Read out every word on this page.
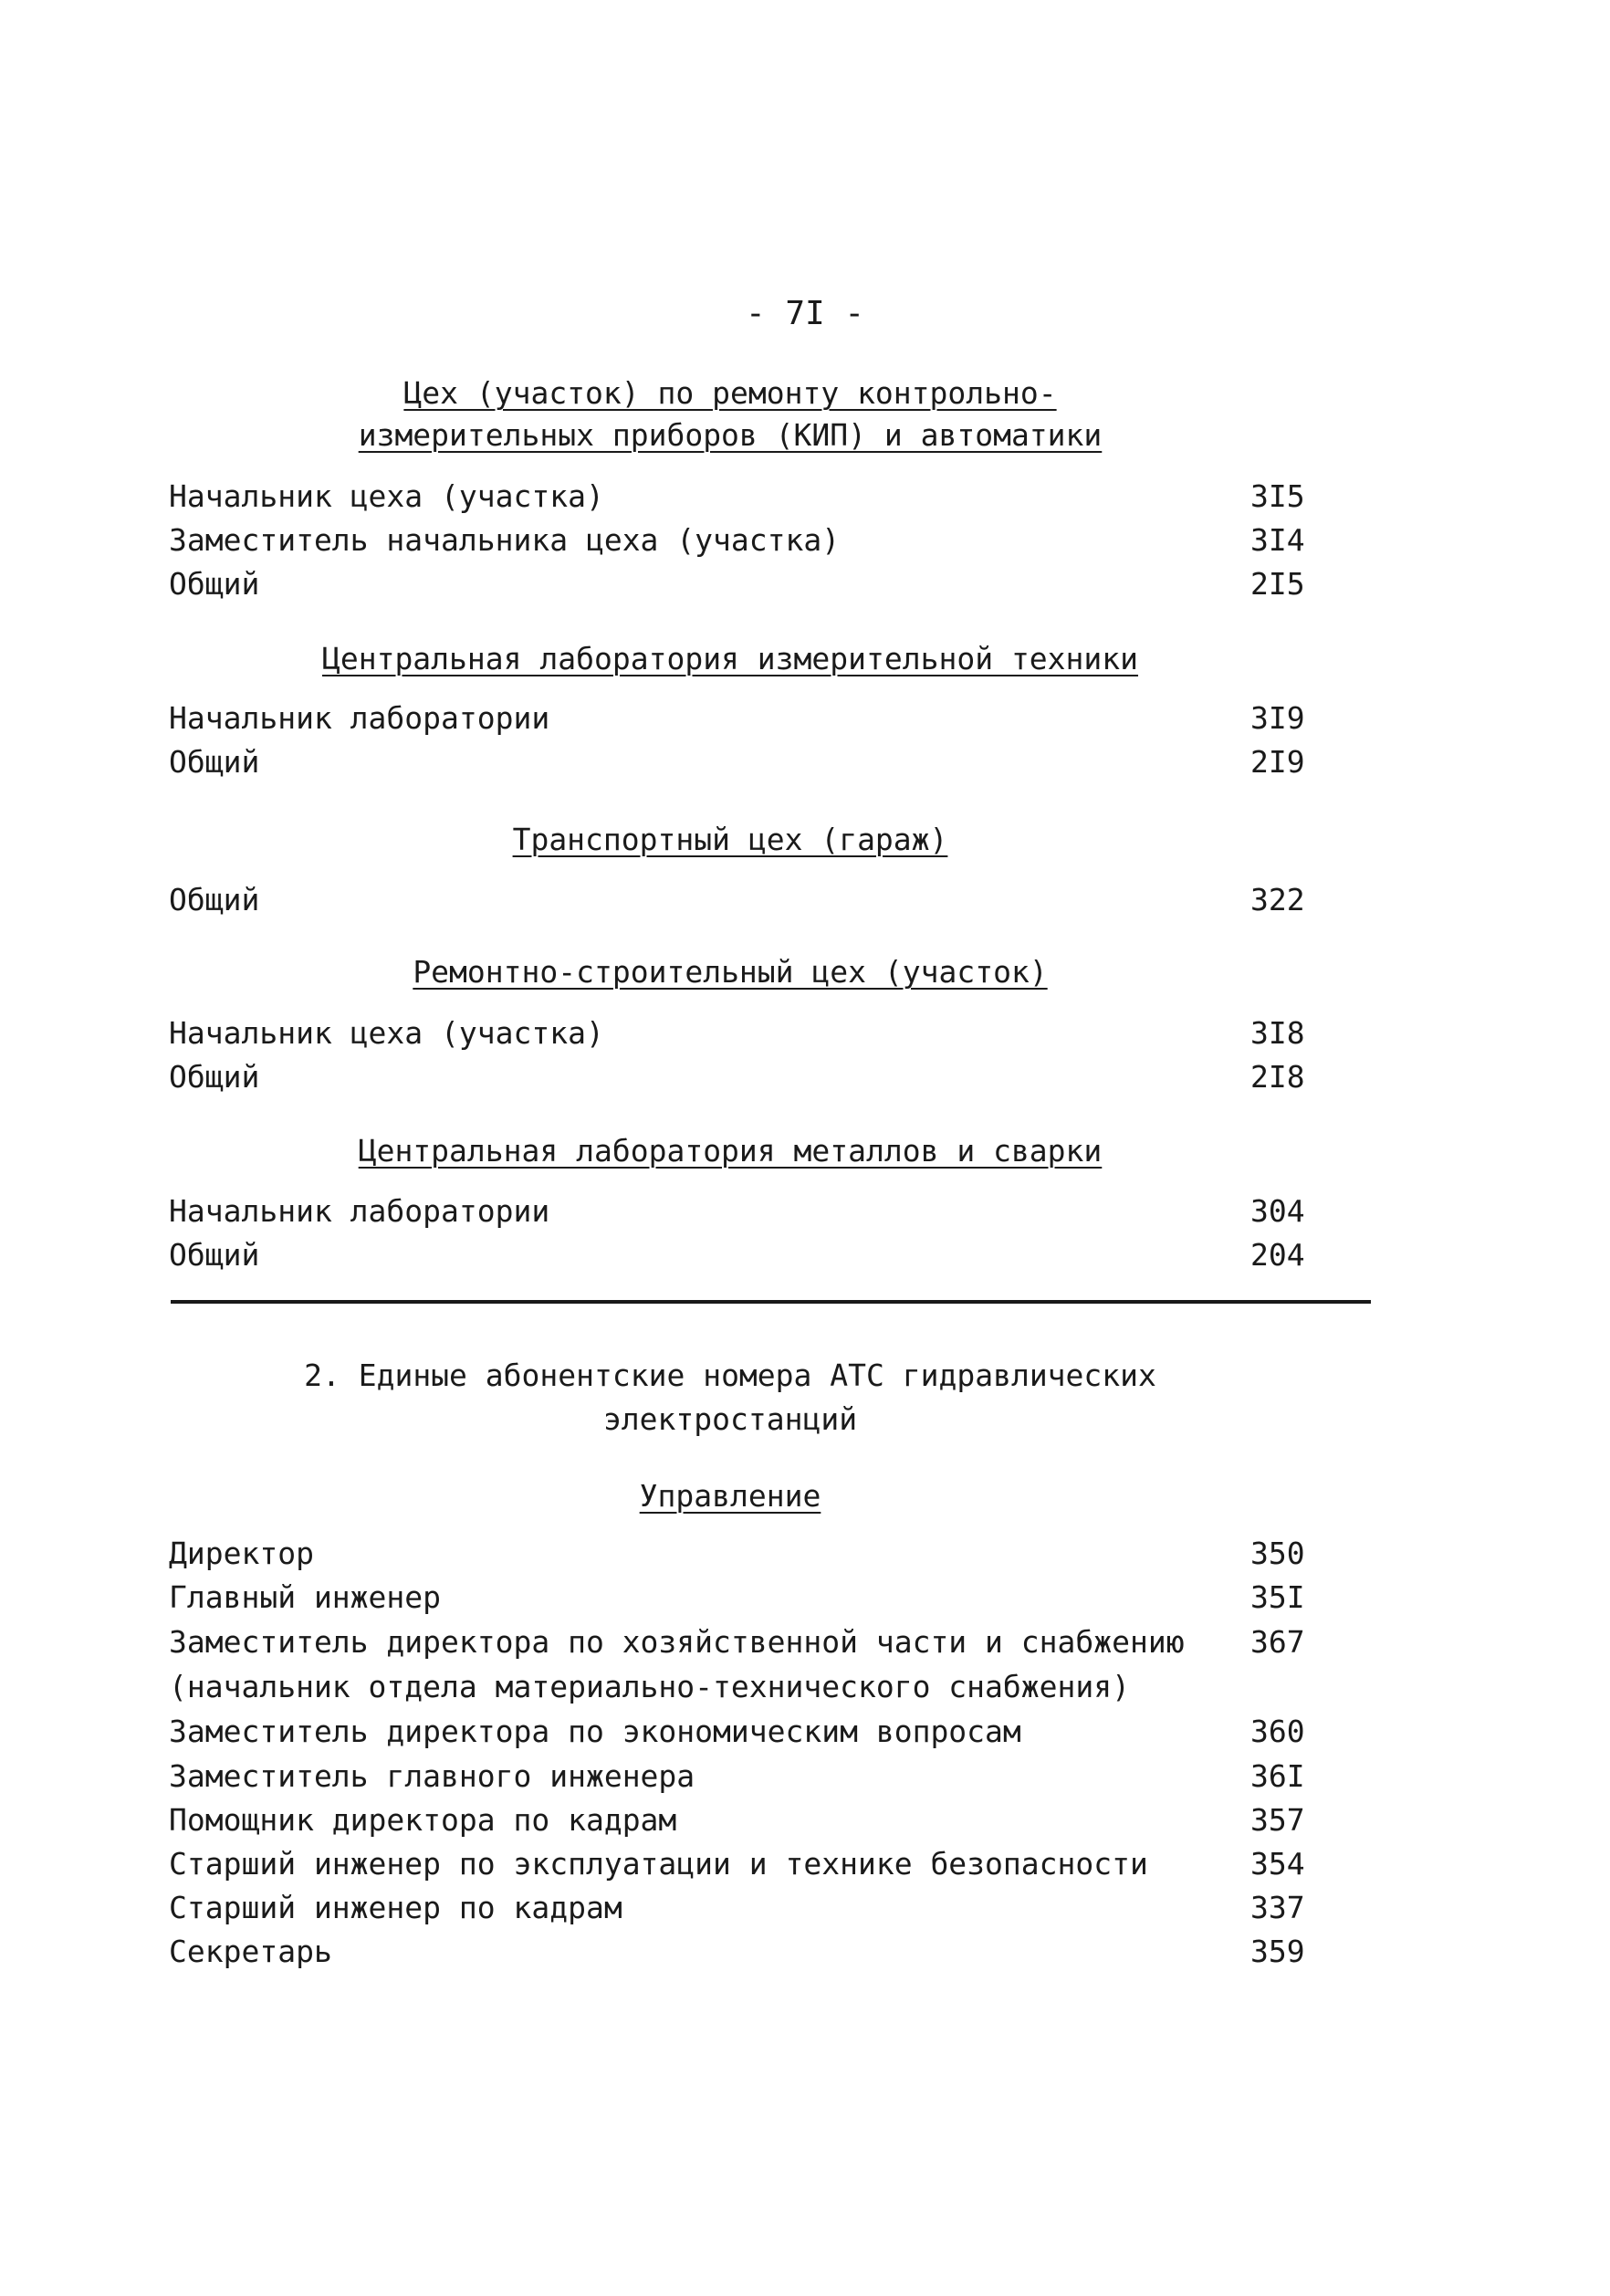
- 7I -
Цех (участок) по ремонту контрольно-
измерительных приборов (КИП) и автоматики
Начальник цеха (участка)	3I5
Заместитель начальника цеха (участка)	3I4
Общий	2I5
Центральная лаборатория измерительной техники
Начальник лаборатории	3I9
Общий	2I9
Транспортный цех (гараж)
Общий	322
Ремонтно-строительный цех (участок)
Начальник цеха (участка)	3I8
Общий	2I8
Центральная лаборатория металлов и сварки
Начальник лаборатории	304
Общий	204
2. Единые абонентские номера АТС гидравлических
электростанций
Управление
Директор	350
Главный инженер	35I
Заместитель директора по хозяйственной части и снабжению 367
(начальник отдела материально-технического снабжения)
Заместитель директора по экономическим вопросам	360
Заместитель главного инженера	36I
Помощник директора по кадрам	357
Старший инженер по эксплуатации и технике безопасности	354
Старший инженер по кадрам	337
Секретарь	359
